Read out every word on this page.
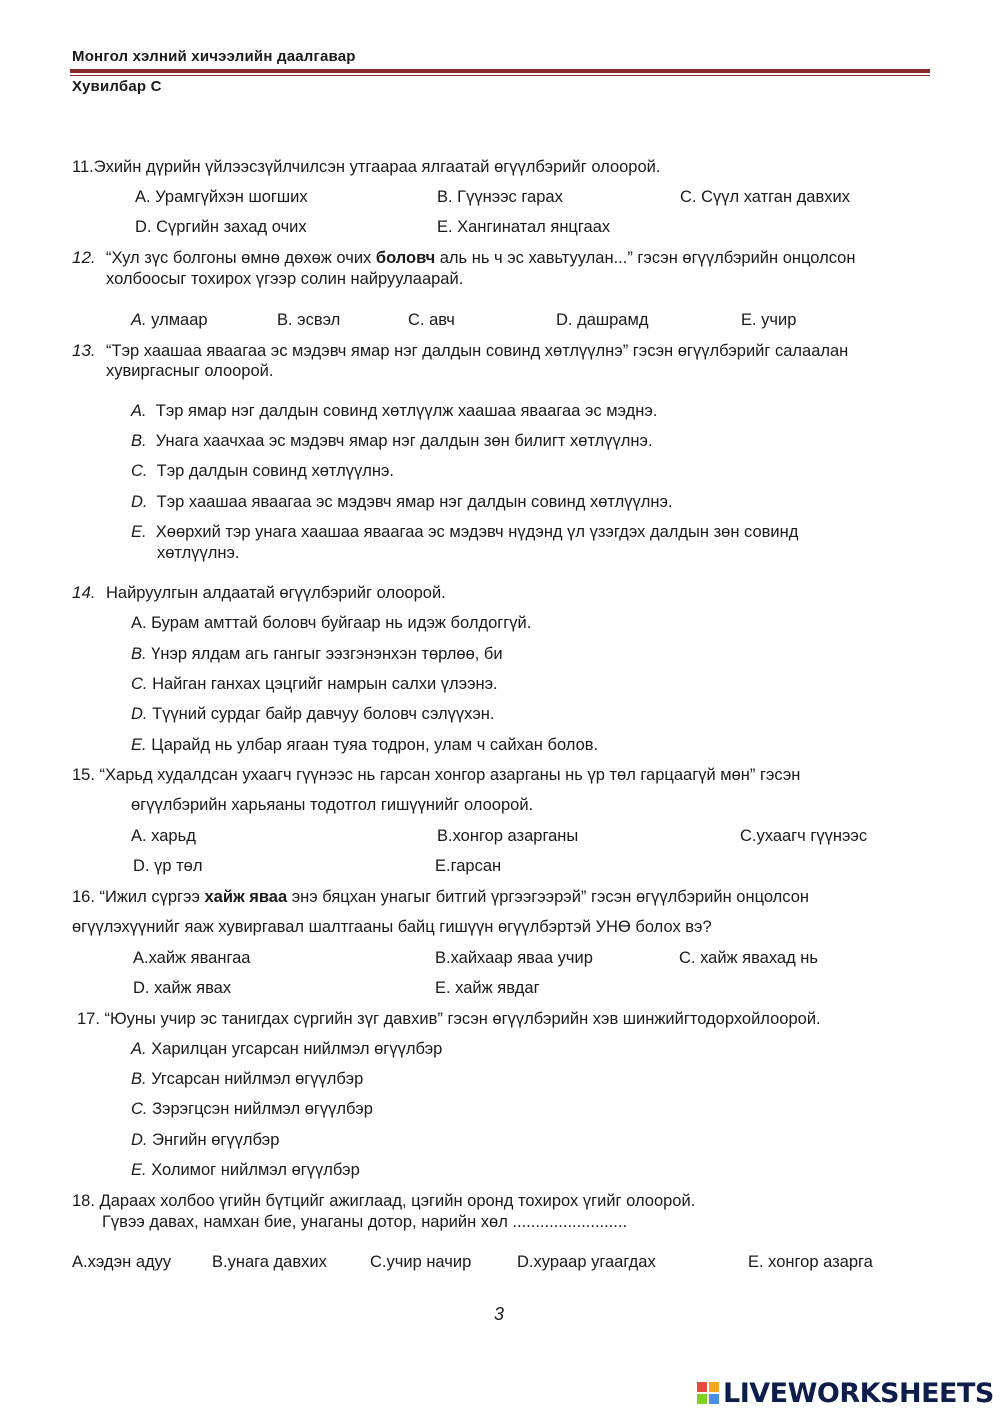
Монгол хэлний хичээлийн даалгавар
Хувилбар С
11.Эхийн дүрийн үйлээсзүйлчилсэн утгаараа ялгаатай өгүүлбэрийг олоорой.
A. Урамгүйхэн шогших	B. Гүүнээс гарах	C. Сүүл хатган давхих
D. Сүргийн захад очих	E. Хангинатал янцгаах
12. “Хул зүс болгоны өмнө дөхөж очих боловч аль нь ч эс хавьтуулан...” гэсэн өгүүлбэрийн онцолсон
холбоосыг тохирох үгээр солин найруулаарай.
A. улмаар	B. эсвэл	C. авч	D. дашрамд	E. учир
13. “Тэр хаашаа яваагаа эс мэдэвч ямар нэг далдын совинд хөтлүүлнэ” гэсэн өгүүлбэрийг салаалан
хувиргасныг олоорой.
A. Тэр ямар нэг далдын совинд хөтлүүлж хаашаа яваагаа эс мэднэ.
B. Унага хаачхаа эс мэдэвч ямар нэг далдын зөн билигт хөтлүүлнэ.
C. Тэр далдын совинд хөтлүүлнэ.
D. Тэр хаашаа яваагаа эс мэдэвч ямар нэг далдын совинд хөтлүүлнэ.
E. Хөөрхий тэр унага хаашаа яваагаа эс мэдэвч нүдэнд үл үзэгдэх далдын зөн совинд
хөтлүүлнэ.
14. Найруулгын алдаатай өгүүлбэрийг олоорой.
A. Бурам амттай боловч буйгаар нь идэж болдоггүй.
B. Үнэр ялдам агь гангыг ээзгэнэнхэн төрлөө, би
C. Найган ганхах цэцгийг намрын салхи үлээнэ.
D. Түүний сурдаг байр давчуу боловч сэлүүхэн.
E. Царайд нь улбар ягаан туяа тодрон, улам ч сайхан болов.
15. “Харьд худалдсан ухаагч гүүнээс нь гарсан хонгор азарганы нь үр төл гарцаагүй мөн” гэсэн
өгүүлбэрийн харьяаны тодотгол гишүүнийг олоорой.
A. харьд	B.хонгор азарганы	C.ухаагч гүүнээс
D. үр төл	E.гарсан
16. “Ижил сүргээ хайж яваа энэ бяцхан унагыг битгий үргээгээрэй” гэсэн өгүүлбэрийн онцолсон
өгүүлэхүүнийг яаж хувиргавал шалтгааны байц гишүүн өгүүлбэртэй УНӨ болох вэ?
A.хайж явангаа	B.хайхаар яваа учир	C. хайж явахад нь
D. хайж явах	E. хайж явдаг
17. “Юуны учир эс танигдах сүргийн зүг давхив” гэсэн өгүүлбэрийн хэв шинжийгтодорхойлоорой.
A. Харилцан угсарсан нийлмэл өгүүлбэр
B. Угсарсан нийлмэл өгүүлбэр
C. Зэрэгцсэн нийлмэл өгүүлбэр
D. Энгийн өгүүлбэр
E. Холимог нийлмэл өгүүлбэр
18. Дараах холбоо үгийн бүтцийг ажиглаад, цэгийн оронд тохирох үгийг олоорой.
Гүвээ давах, намхан бие, унаганы дотор, нарийн хөл .........................
A.хэдэн адуу B.унага давхих	C.учир начир	D.хураар угаагдах	E. хонгор азарга
3
LIVEWORKSHEETS
